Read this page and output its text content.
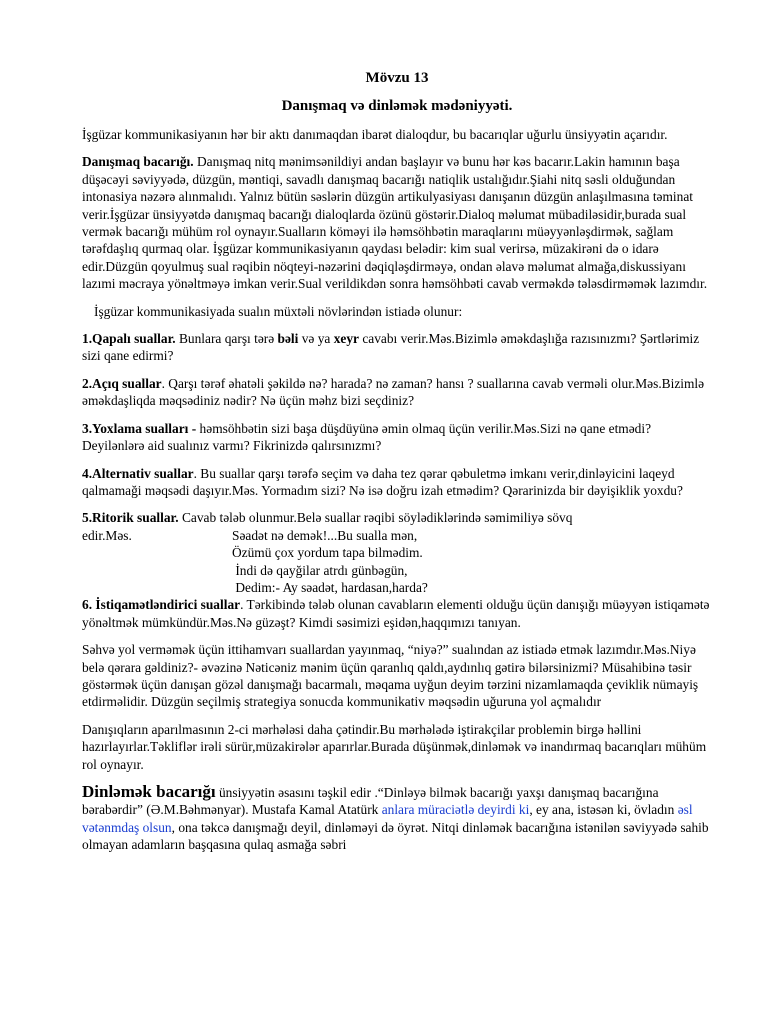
Mövzu 13
Danışmaq və dinləmək mədəniyyəti.

İşgüzar kommunikasiyanın hər bir aktı danımaqdan ibarət dialoqdur, bu bacarıqlar uğurlu ünsiyyətin açarıdır.

Danışmaq bacarığı. Danışmaq nitq mənimsənildiyi andan başlayır və bunu hər kəs bacarır.Lakin hamının başa düşəcəyi səviyyədə, düzgün, məntiqi, savadlı danışmaq bacarığı natiqlik ustalığıdır.Şiahi nitq səsli olduğundan intonasiya nəzərə alınmalıdı. Yalnız bütün səslərin düzgün artikulyasiyası danışanın düzgün anlaşılmasına təminat verir.İşgüzar ünsiyyətdə danışmaq bacarığı dialoqlarda özünü göstərir.Dialoq məlumat mübadiləsidir,burada sual vermək bacarığı mühüm rol oynayır.Sualların köməyi ilə həmsöhbətin maraqlarını müəyyənləşdirmək, sağlam tərəfdaşlıq qurmaq olar. İşgüzar kommunikasiyanın qaydası belədir: kim sual verirsə, müzakirəni də o idarə edir.Düzgün qoyulmuş sual rəqibin nöqteyi-nəzərini dəqiqləşdirməyə, ondan əlavə məlumat almağa,diskussiyanı lazımi məcraya yönəltməyə imkan verir.Sual verildikdən sonra həmsöhbəti cavab verməkdə tələsdirməmək lazımdır.

İşgüzar kommunikasiyada sualın müxtəli növlərindən istiadə olunur:

1.Qapalı suallar. Bunlara qarşı tərə bəli və ya xeyr cavabı verir.Məs.Bizimlə əməkdaşlığa razısınızmı? Şərtlərimiz sizi qane edirmi?

2.Açıq suallar. Qarşı tərəf əhatəli şəkildə nə? harada? nə zaman? hansı ? suallarına cavab verməli olur.Məs.Bizimlə əməkdaşliqda məqsədiniz nədir? Nə üçün məhz bizi seçdiniz?

3.Yoxlama sualları - həmsöhbətin sizi başa düşdüyünə əmin olmaq üçün verilir.Məs.Sizi nə qane etmədi? Deyilənlərə aid sualınız varmı? Fikrinizdə qalırsınızmı?

4.Alternativ suallar. Bu suallar qarşı tərəfə seçim və daha tez qərar qəbuletmə imkanı verir,dinləyicini laqeyd qalmamaği məqsədi daşıyır.Məs. Yormadım sizi? Nə isə doğru izah etmədim? Qərarinizda bir dəyişiklik yoxdu?

5.Ritorik suallar. Cavab tələb olunmur.Belə suallar rəqibi söylədiklərində səmimiliyə sövq

edir.Məs.	Səadət nə deməkǃ...Bu sualla mən,
Özümü çox yordum tapa bilmədim.
İndi də qayğilar atrdı günbəgün,
Dedim:- Ay səadət, hardasan,harda?

6. İstiqamətləndirici suallar. Tərkibində tələb olunan cavabların elementi olduğu üçün danışığı müəyyən istiqamətə yönəltmək mümkündür.Məs.Nə güzəşt? Kimdi səsimizi eşidən,haqqımızı tanıyan.

Səhvə yol verməmək üçün ittihamvarı suallardan yayınmaq, “niyə?” sualından az istiadə etmək lazımdır.Məs.Niyə belə qərara gəldiniz?- əvəzinə Nəticəniz mənim üçün qaranlıq qaldı,aydınlıq gətirə bilərsinizmi? Müsahibinə təsir göstərmək üçün danışan gözəl danışmağı bacarmalı, məqama uyğun deyim tərzini nizamlamaqda çeviklik nümayiş etdirməlidir. Düzgün seçilmiş strategiya sonucda kommunikativ məqsədin uğuruna yol açmalıdır

Danışıqların aparılmasının 2-ci mərhələsi daha çətindir.Bu mərhələdə iştirakçilar problemin birgə həllini hazırlayırlar.Təkliflər irəli sürür,müzakirələr aparırlar.Burada düşünmək,dinləmək və inandırmaq bacarıqları mühüm rol oynayır.

Dinləmək bacarığı ünsiyyətin əsasını təşkil edir .“Dinləyə bilmək bacarığı yaxşı danışmaq bacarığına bərabərdir” (Ə.M.Bəhmənyar). Mustafa Kamal Atatürk anlara müraciətlə deyirdi ki, ey ana, istəsən ki, övladın əsl vətənmdaş olsun, ona təkcə danışmağı deyil, dinləməyi də öyrət. Nitqi dinləmək bacarığına istənilən səviyyədə sahib olmayan adamların başqasına qulaq asmağa səbri
